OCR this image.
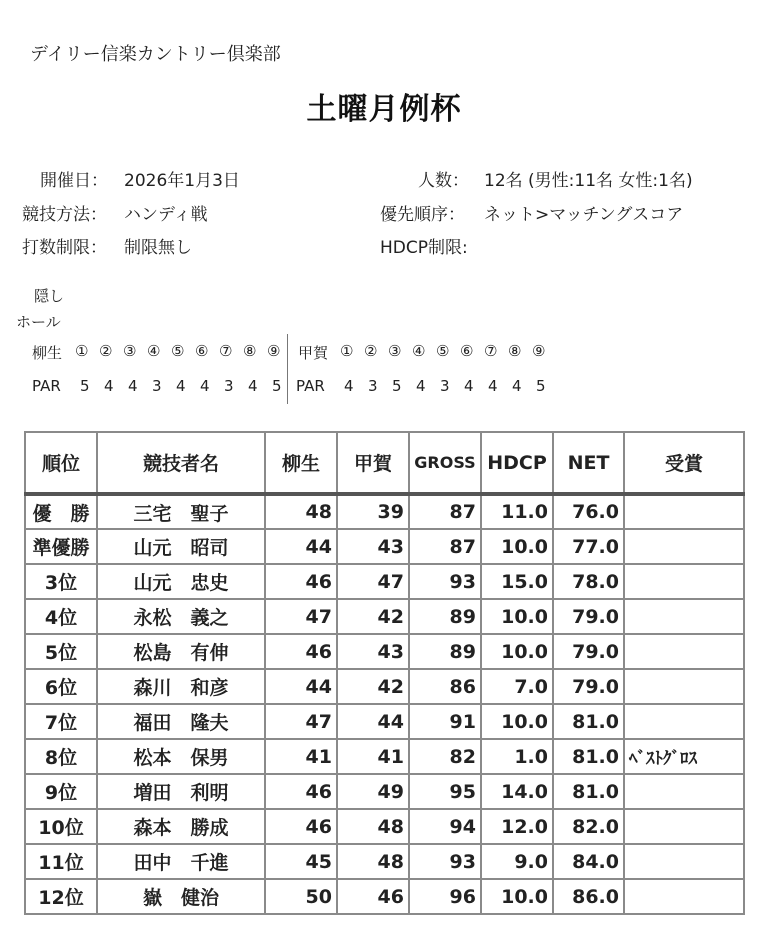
デイリー信楽カントリー倶楽部
土曜月例杯
開催日： 2026年1月3日	人数： 12名 (男性:11名 女性:1名)
競技方法： ハンディ戦	優先順序： ネット>マッチングスコア
打数制限： 制限無し	HDCP制限:
隠し
ホール
柳生 ① ② ③ ④ ⑤ ⑥ ⑦ ⑧ ⑨ 甲賀 ① ② ③ ④ ⑤ ⑥ ⑦ ⑧ ⑨
PAR 5 4 4 3 4 4 3 4 5 PAR 4 3 5 4 3 4 4 4 5
順位	競技者名	柳生	甲賀	GROSS	HDCP	NET	受賞
優　勝	三宅　聖子	48	39	87	11.0	76.0	
準優勝	山元　昭司	44	43	87	10.0	77.0	
3位	山元　忠史	46	47	93	15.0	78.0	
4位	永松　義之	47	42	89	10.0	79.0	
5位	松島　有伸	46	43	89	10.0	79.0	
6位	森川　和彦	44	42	86	7.0	79.0	
7位	福田　隆夫	47	44	91	10.0	81.0	
8位	松本　保男	41	41	82	1.0	81.0	ﾍﾞｽﾄｸﾞﾛｽ
9位	増田　利明	46	49	95	14.0	81.0	
10位	森本　勝成	46	48	94	12.0	82.0	
11位	田中　千進	45	48	93	9.0	84.0	
12位	嶽　健治	50	46	96	10.0	86.0	
